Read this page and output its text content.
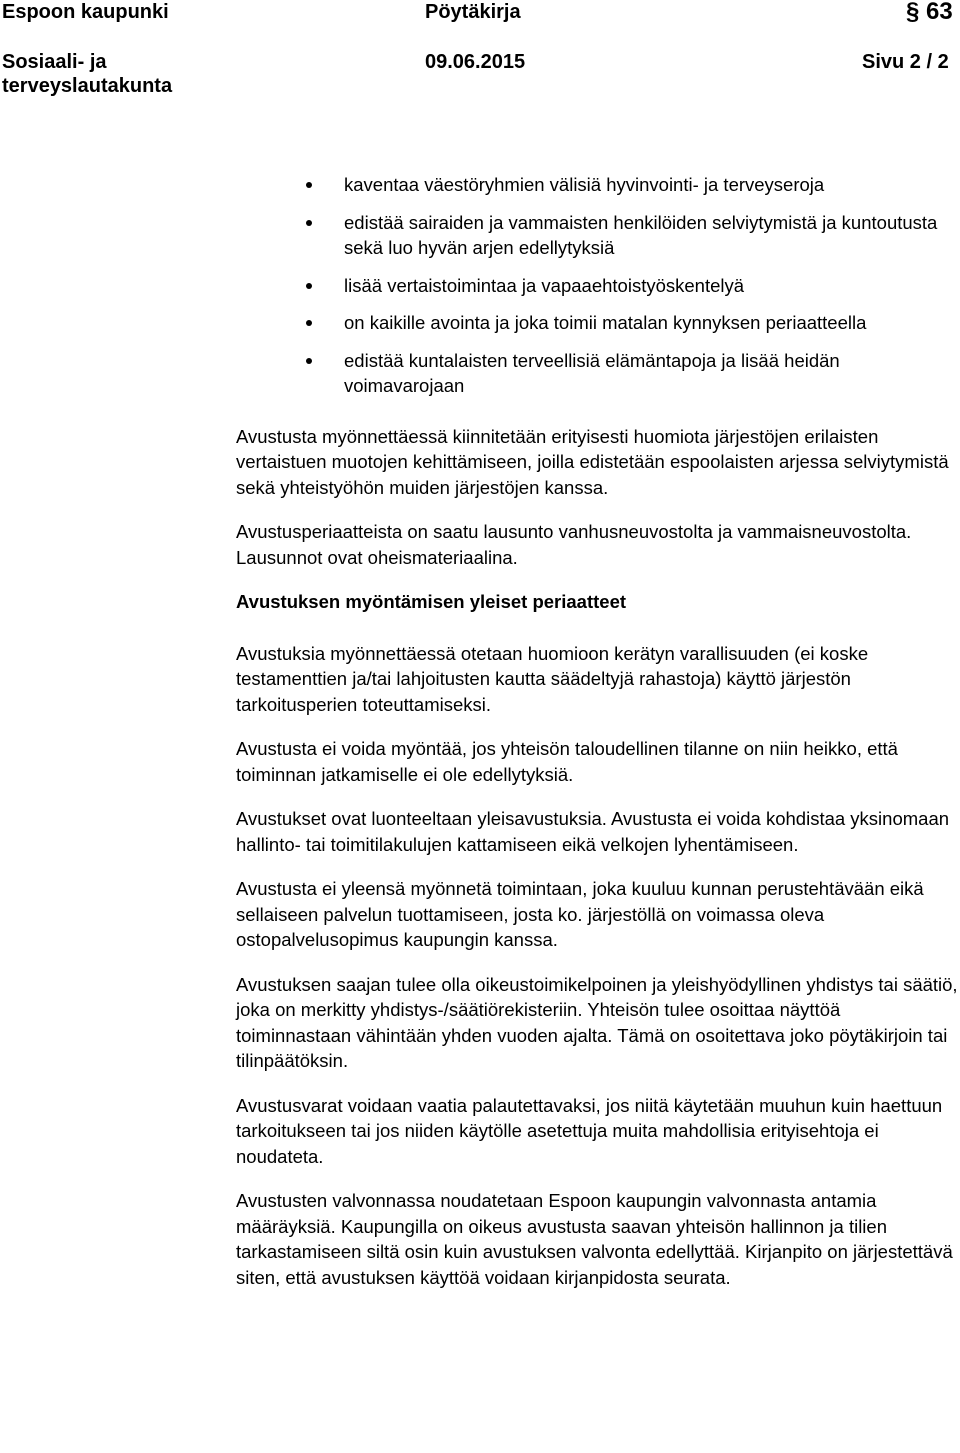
Espoon kaupunki	Pöytäkirja	§ 63
Sosiaali- ja terveyslautakunta
09.06.2015	Sivu 2 / 2
kaventaa väestöryhmien välisiä hyvinvointi- ja terveyseroja
edistää sairaiden ja vammaisten henkilöiden selviytymistä ja kuntoutusta sekä luo hyvän arjen edellytyksiä
lisää vertaistoimintaa ja vapaaehtoistyöskentelyä
on kaikille avointa ja joka toimii matalan kynnyksen periaatteella
edistää kuntalaisten terveellisiä elämäntapoja ja lisää heidän voimavarojaan

Avustusta myönnettäessä kiinnitetään erityisesti huomiota järjestöjen erilaisten vertaistuen muotojen kehittämiseen, joilla edistetään espoolaisten arjessa selviytymistä sekä yhteistyöhön muiden järjestöjen kanssa.

Avustusperiaatteista on saatu lausunto vanhusneuvostolta ja vammaisneuvostolta. Lausunnot ovat oheismateriaalina.

Avustuksen myöntämisen yleiset periaatteet

Avustuksia myönnettäessä otetaan huomioon kerätyn varallisuuden (ei koske testamenttien ja/tai lahjoitusten kautta säädeltyjä rahastoja) käyttö järjestön tarkoitusperien toteuttamiseksi.

Avustusta ei voida myöntää, jos yhteisön taloudellinen tilanne on niin heikko, että toiminnan jatkamiselle ei ole edellytyksiä.

Avustukset ovat luonteeltaan yleisavustuksia. Avustusta ei voida kohdistaa yksinomaan hallinto- tai toimitilakulujen kattamiseen eikä velkojen lyhentämiseen.

Avustusta ei yleensä myönnetä toimintaan, joka kuuluu kunnan perustehtävään eikä sellaiseen palvelun tuottamiseen, josta ko. järjestöllä on voimassa oleva ostopalvelusopimus kaupungin kanssa.

Avustuksen saajan tulee olla oikeustoimikelpoinen ja yleishyödyllinen yhdistys tai säätiö, joka on merkitty yhdistys-/säätiörekisteriin. Yhteisön tulee osoittaa näyttöä toiminnastaan vähintään yhden vuoden ajalta. Tämä on osoitettava joko pöytäkirjoin tai tilinpäätöksin.

Avustusvarat voidaan vaatia palautettavaksi, jos niitä käytetään muuhun kuin haettuun tarkoitukseen tai jos niiden käytölle asetettuja muita mahdollisia erityisehtoja ei noudateta.

Avustusten valvonnassa noudatetaan Espoon kaupungin valvonnasta antamia määräyksiä. Kaupungilla on oikeus avustusta saavan yhteisön hallinnon ja tilien tarkastamiseen siltä osin kuin avustuksen valvonta edellyttää. Kirjanpito on järjestettävä siten, että avustuksen käyttöä voidaan kirjanpidosta seurata.
